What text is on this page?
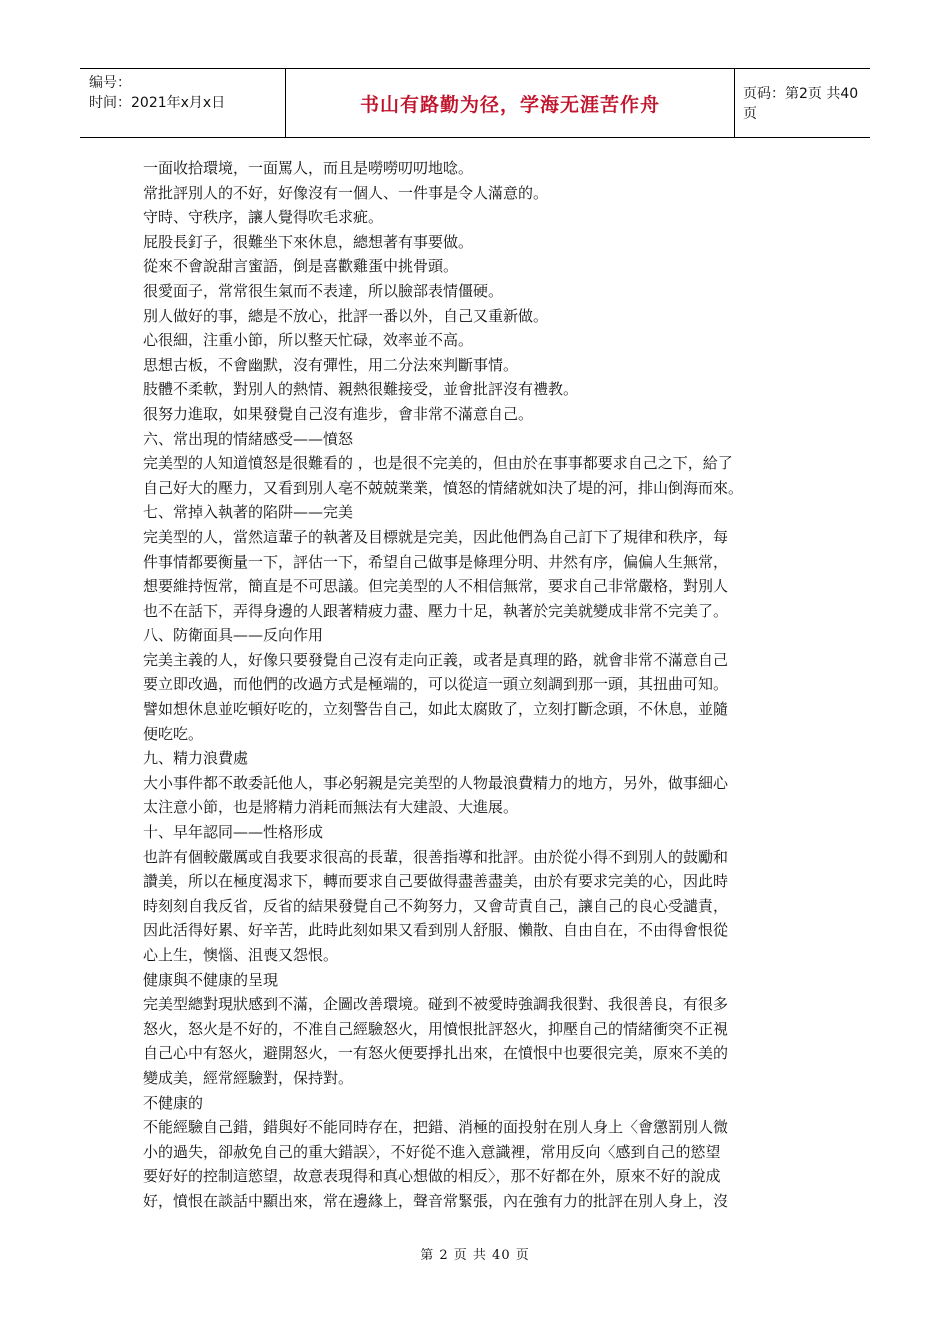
编号：
时间：2021年x月x日	书山有路勤为径，学海无涯苦作舟	页码：第2页 共40页
一面收拾環境，一面罵人，而且是嘮嘮叨叨地唸。
常批評別人的不好，好像沒有一個人、一件事是令人滿意的。
守時、守秩序，讓人覺得吹毛求疵。
屁股長釘子，很難坐下來休息，總想著有事要做。
從來不會說甜言蜜語，倒是喜歡雞蛋中挑骨頭。
很愛面子，常常很生氣而不表達，所以臉部表情僵硬。
別人做好的事，總是不放心，批評一番以外，自己又重新做。
心很細，注重小節，所以整天忙碌，效率並不高。
思想古板，不會幽默，沒有彈性，用二分法來判斷事情。
肢體不柔軟，對別人的熱情、親熱很難接受，並會批評沒有禮教。
很努力進取，如果發覺自己沒有進步，會非常不滿意自己。
六、常出現的情緒感受——憤怒
完美型的人知道憤怒是很難看的 ，也是很不完美的，但由於在事事都要求自己之下，給了
自己好大的壓力，又看到別人亳不兢兢業業，憤怒的情緒就如決了堤的河，排山倒海而來。
七、常掉入執著的陷阱——完美
完美型的人，當然這輩子的執著及目標就是完美，因此他們為自己訂下了規律和秩序，每
件事情都要衡量一下，評估一下，希望自己做事是條理分明、井然有序，偏偏人生無常，
想要維持恆常，簡直是不可思議。但完美型的人不相信無常，要求自己非常嚴格，對別人
也不在話下，弄得身邊的人跟著精疲力盡、壓力十足，執著於完美就變成非常不完美了。
八、防衛面具——反向作用
完美主義的人，好像只要發覺自己沒有走向正義，或者是真理的路，就會非常不滿意自己
要立即改過，而他們的改過方式是極端的，可以從這一頭立刻調到那一頭，其扭曲可知。
譬如想休息並吃頓好吃的，立刻警告自己，如此太腐敗了，立刻打斷念頭，不休息，並隨
便吃吃。
九、精力浪費處
大小事件都不敢委託他人，事必躬親是完美型的人物最浪費精力的地方，另外，做事細心
太注意小節，也是將精力消耗而無法有大建設、大進展。
十、早年認同——性格形成
也許有個較嚴厲或自我要求很高的長輩，很善指導和批評。由於從小得不到別人的鼓勵和
讚美，所以在極度渴求下，轉而要求自己要做得盡善盡美，由於有要求完美的心，因此時
時刻刻自我反省，反省的結果發覺自己不夠努力，又會苛責自己，讓自己的良心受譴責，
因此活得好累、好辛苦，此時此刻如果又看到別人舒服、懶散、自由自在，不由得會恨從
心上生，懊惱、沮喪又怨恨。
健康與不健康的呈現
完美型總對現狀感到不滿，企圖改善環境。碰到不被愛時強調我很對、我很善良，有很多
怒火，怒火是不好的，不准自己經驗怒火，用憤恨批評怒火，抑壓自己的情緒衝突不正視
自己心中有怒火，避開怒火，一有怒火便要掙扎出來，在憤恨中也要很完美，原來不美的
變成美，經常經驗對，保持對。
不健康的
不能經驗自己錯，錯與好不能同時存在，把錯、消極的面投射在別人身上〈會懲罰別人微
小的過失，卻赦免自己的重大錯誤〉，不好從不進入意識裡，常用反向〈感到自己的慾望
要好好的控制這慾望，故意表現得和真心想做的相反〉，那不好都在外，原來不好的說成
好，憤恨在談話中顯出來，常在邊緣上，聲音常緊張，內在強有力的批評在別人身上，沒
第 2 页 共 40 页
